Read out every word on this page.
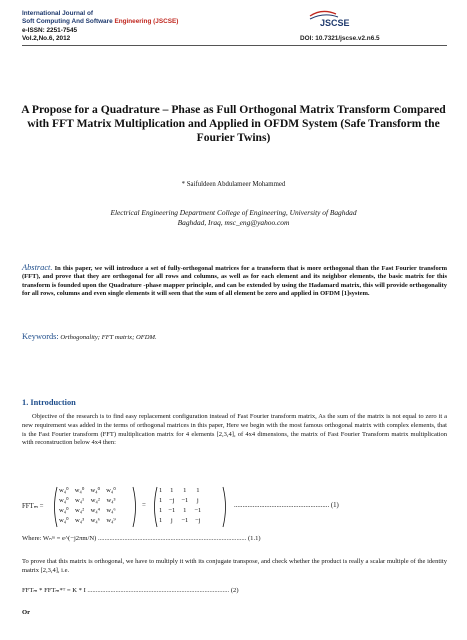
International Journal of
Soft Computing And Software Engineering (JSCSE)
e-ISSN: 2251-7545
Vol.2,No.6, 2012
JSCSE
DOI: 10.7321/jscse.v2.n6.5
A Propose for a Quadrature – Phase as Full Orthogonal Matrix Transform Compared with FFT Matrix Multiplication and Applied in OFDM System (Safe Transform the Fourier Twins)
* Saifuldeen Abdulameer Mohammed
Electrical Engineering Department College of Engineering, University of Baghdad
Baghdad, Iraq, msc_eng@yahoo.com
Abstract. In this paper, we will introduce a set of fully-orthogonal matrices for a transform that is more orthogonal than the Fast Fourier transform (FFT), and prove that they are orthogonal for all rows and columns, as well as for each element and its neighbor elements, the basic matrix for this transform is founded upon the Quadrature -phase mapper principle, and can be extended by using the Hadamard matrix, this will provide orthogonality for all rows, columns and even single elements it will seen that the sum of all element be zero and applied in OFDM [1]system.
Keywords: Orthogonality; FFT matrix; OFDM.
1. Introduction
Objective of the research is to find easy replacement configuration instead of Fast Fourier transform matrix, As the sum of the matrix is not equal to zero it a new requirement was added in the terms of orthogonal matrices in this paper, Here we begin with the most famous orthogonal matrix with complex elements, that is the Fast Fourier transform (FFT) multiplication matrix for 4 elements [2,3,4], of 4x4 dimensions, the matrix of Fast Fourier Transform matrix multiplication with reconstruction below 4x4 then:
FFTₘ =
w₄⁰	w₄⁰	w₄⁰	w₄⁰
w₄⁰	w₄¹	w₄²	w₄³
w₄⁰	w₄²	w₄⁴	w₄⁶
w₄⁰	w₄³	w₄⁶	w₄⁹
=
1	1	1	1
1	−j	−1	j
1	−1	1	−1
1	j	−1	−j
........................................................ (1)
Where: Wₙᵐ = e^(−j2πm/N) .......................................................................................... (1.1)
To prove that this matrix is orthogonal, we have to multiply it with its conjugate transpose, and check whether the product is really a scalar multiple of the identity matrix [2,3,4], i.e.
FFTₘ * FFTₘ*ᵀ = K * I ...................................................................................... (2)
Or
